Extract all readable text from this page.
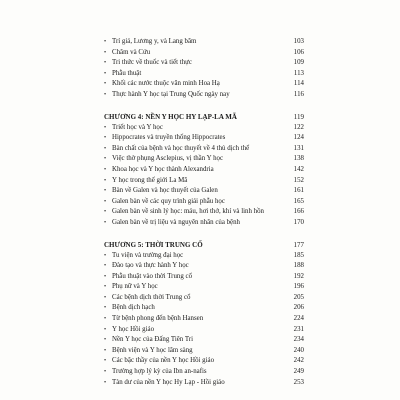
• Trí giả, Lương y, và Lang băm	103
• Châm và Cứu	106
• Tri thức về thuốc và tiết thực	109
• Phẫu thuật	113
• Khối các nước thuộc văn minh Hoa Hạ	114
• Thực hành Y học tại Trung Quốc ngày nay	116
CHƯƠNG 4: NỀN Y HỌC HY LẠP-LA MÃ	119
• Triết học và Y học	122
• Hippocrates và truyền thống Hippocrates	124
• Bàn chất của bệnh và học thuyết về 4 thủ dịch thể	131
• Việc thờ phụng Asclepius, vị thần Y học	138
• Khoa học và Y học thành Alexandria	142
• Y học trong thế giới La Mã	152
• Bàn về Galen và học thuyết của Galen	161
• Galen bàn về các quy trình giải phẫu học	165
• Galen bàn về sinh lý học: máu, hơi thở, khí và linh hồn	166
• Galen bàn về trị liệu và nguyên nhân của bệnh	170
CHƯƠNG 5: THỜI TRUNG CỔ	177
• Tu viện và trường đại học	185
• Đào tạo và thực hành Y học	188
• Phẫu thuật vào thời Trung cổ	192
• Phụ nữ và Y học	196
• Các bệnh dịch thời Trung cổ	205
• Bệnh dịch hạch	206
• Từ bệnh phong đến bệnh Hansen	224
• Y học Hồi giáo	231
• Nền Y học của Đấng Tiên Tri	234
• Bệnh viện và Y học lâm sàng	240
• Các bậc thầy của nền Y học Hồi giáo	242
• Trường hợp lý kỳ của Ibn an-nafis	249
• Tàn dư của nền Y học Hy Lạp - Hồi giáo	253
